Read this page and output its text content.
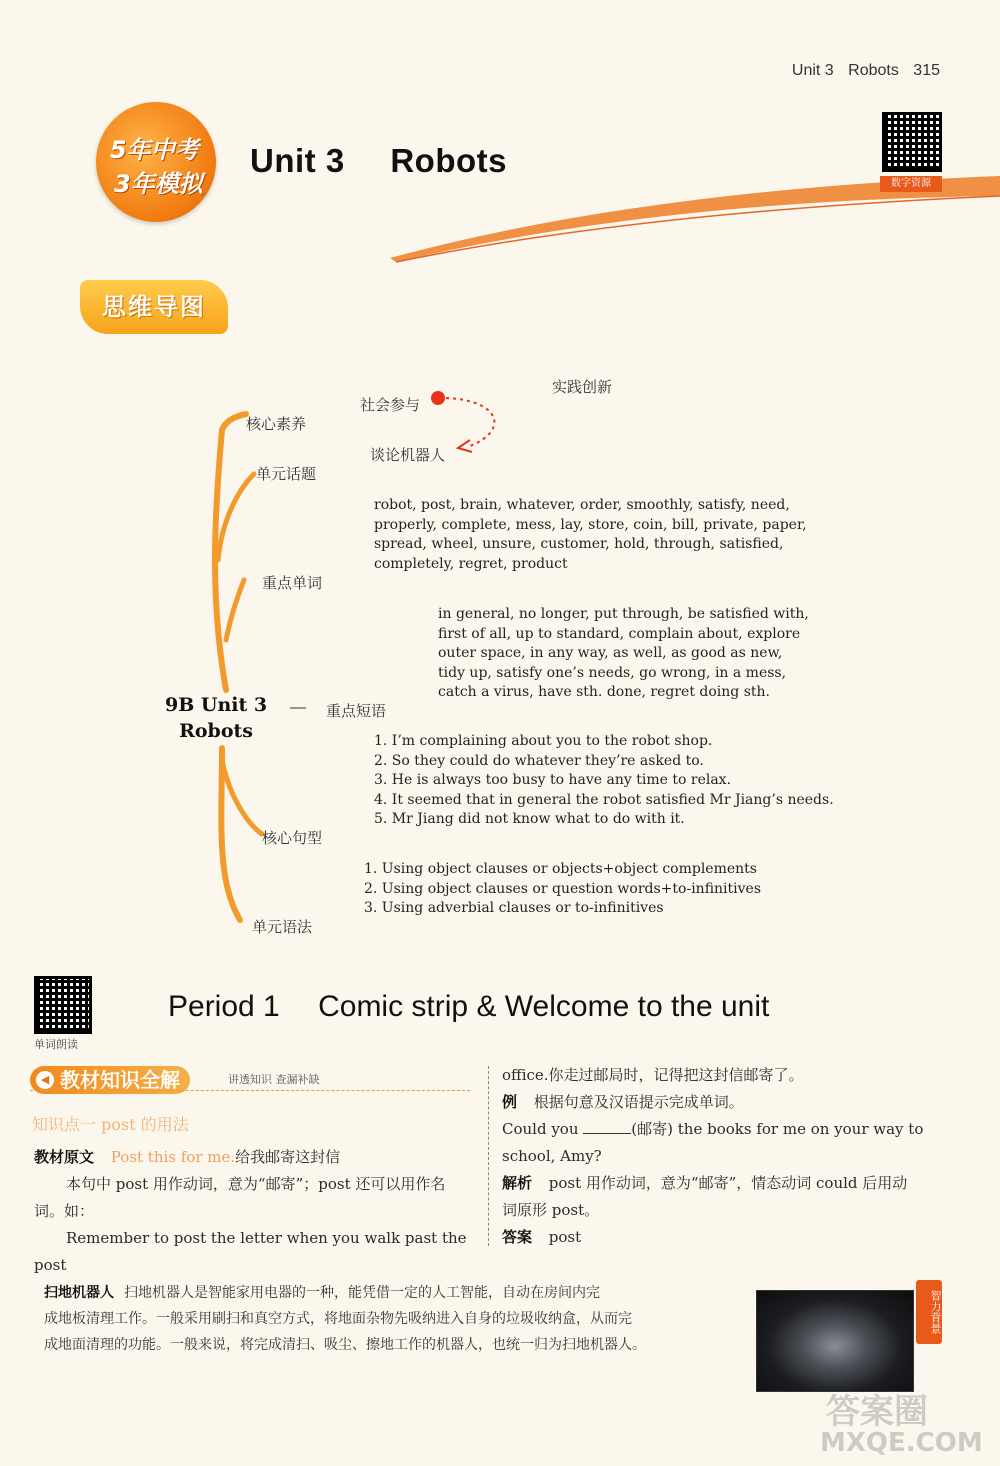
Unit 3 Robots 315
5年中考
3年模拟
Unit 3 Robots
数字资源
思维导图
实践创新
社会参与
谈论机器人
核心素养
单元话题
重点单词
重点短语
核心句型
单元语法
9B Unit 3
Robots
robot, post, brain, whatever, order, smoothly, satisfy, need,
properly, complete, mess, lay, store, coin, bill, private, paper,
spread, wheel, unsure, customer, hold, through, satisfied,
completely, regret, product
in general, no longer, put through, be satisfied with,
first of all, up to standard, complain about, explore
outer space, in any way, as well, as good as new,
tidy up, satisfy one’s needs, go wrong, in a mess,
catch a virus, have sth. done, regret doing sth.
1. I’m complaining about you to the robot shop.
2. So they could do whatever they’re asked to.
3. He is always too busy to have any time to relax.
4. It seemed that in general the robot satisfied Mr Jiang’s needs.
5. Mr Jiang did not know what to do with it.
1. Using object clauses or objects+object complements
2. Using object clauses or question words+to-infinitives
3. Using adverbial clauses or to-infinitives
单词朗读
Period 1 Comic strip & Welcome to the unit
◀ 教材知识全解	讲透知识 查漏补缺
知识点一 post 的用法
教材原文 Post this for me.给我邮寄这封信
本句中 post 用作动词，意为“邮寄”；post 还可以用作名
词。如：
Remember to post the letter when you walk past the post
office.你走过邮局时，记得把这封信邮寄了。
例 根据句意及汉语提示完成单词。
Could you	(邮寄) the books for me on your way to
school, Amy?
解析 post 用作动词，意为“邮寄”，情态动词 could 后用动
词原形 post。
答案 post
扫地机器人 扫地机器人是智能家用电器的一种，能凭借一定的人工智能，自动在房间内完
成地板清理工作。一般采用刷扫和真空方式，将地面杂物先吸纳进入自身的垃圾收纳盒，从而完
成地面清理的功能。一般来说，将完成清扫、吸尘、擦地工作的机器人，也统一归为扫地机器人。
智力背景
答案圈
MXQE.COM
